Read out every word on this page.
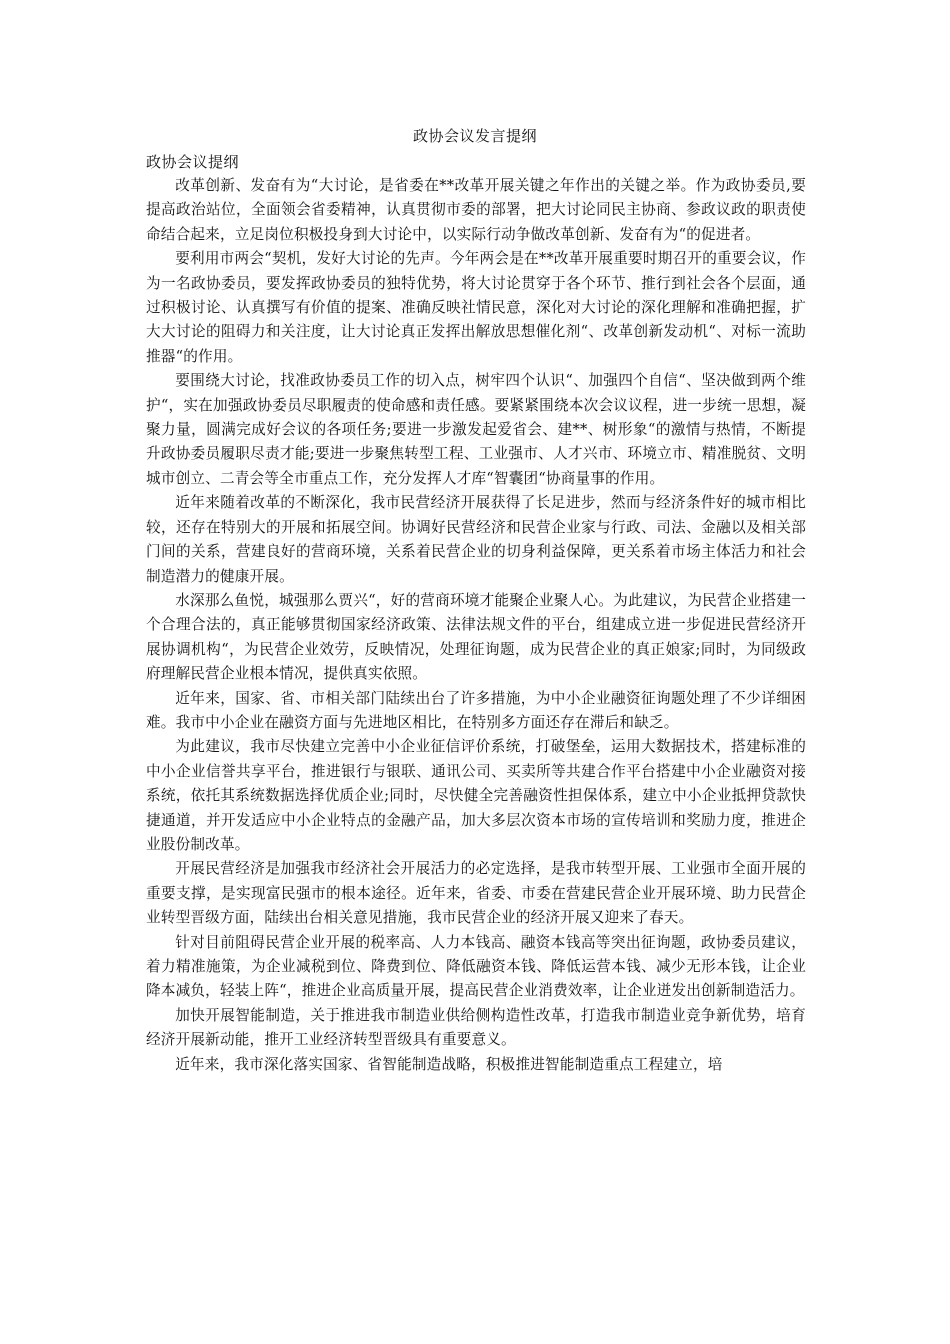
政协会议发言提纲
政协会议提纲

改革创新、发奋有为“大讨论，是省委在**改革开展关键之年作出的关键之举。作为政协委员,要提高政治站位，全面领会省委精神，认真贯彻市委的部署，把大讨论同民主协商、参政议政的职责使命结合起来，立足岗位积极投身到大讨论中，以实际行动争做改革创新、发奋有为“的促进者。

要利用市两会“契机，发好大讨论的先声。今年两会是在**改革开展重要时期召开的重要会议，作为一名政协委员，要发挥政协委员的独特优势，将大讨论贯穿于各个环节、推行到社会各个层面，通过积极讨论、认真撰写有价值的提案、准确反映社情民意，深化对大讨论的深化理解和准确把握，扩大大讨论的阻碍力和关注度，让大讨论真正发挥出解放思想催化剂“、改革创新发动机“、对标一流助推器“的作用。

要围绕大讨论，找准政协委员工作的切入点，树牢四个认识“、加强四个自信“、坚决做到两个维护“，实在加强政协委员尽职履责的使命感和责任感。要紧紧围绕本次会议议程，进一步统一思想，凝聚力量，圆满完成好会议的各项任务;要进一步激发起爱省会、建**、树形象“的激情与热情，不断提升政协委员履职尽责才能;要进一步聚焦转型工程、工业强市、人才兴市、环境立市、精准脱贫、文明城市创立、二青会等全市重点工作，充分发挥人才库“智囊团“协商量事的作用。

近年来随着改革的不断深化，我市民营经济开展获得了长足进步，然而与经济条件好的城市相比较，还存在特别大的开展和拓展空间。协调好民营经济和民营企业家与行政、司法、金融以及相关部门间的关系，营建良好的营商环境，关系着民营企业的切身利益保障，更关系着市场主体活力和社会制造潜力的健康开展。

水深那么鱼悦，城强那么贾兴“，好的营商环境才能聚企业聚人心。为此建议，为民营企业搭建一个合理合法的，真正能够贯彻国家经济政策、法律法规文件的平台，组建成立进一步促进民营经济开展协调机构“，为民营企业效劳，反映情况，处理征询题，成为民营企业的真正娘家;同时，为同级政府理解民营企业根本情况，提供真实依照。

近年来，国家、省、市相关部门陆续出台了许多措施，为中小企业融资征询题处理了不少详细困难。我市中小企业在融资方面与先进地区相比，在特别多方面还存在滞后和缺乏。

为此建议，我市尽快建立完善中小企业征信评价系统，打破堡垒，运用大数据技术，搭建标准的中小企业信誉共享平台，推进银行与银联、通讯公司、买卖所等共建合作平台搭建中小企业融资对接系统，依托其系统数据选择优质企业;同时，尽快健全完善融资性担保体系，建立中小企业抵押贷款快捷通道，并开发适应中小企业特点的金融产品，加大多层次资本市场的宣传培训和奖励力度，推进企业股份制改革。

开展民营经济是加强我市经济社会开展活力的必定选择，是我市转型开展、工业强市全面开展的重要支撑，是实现富民强市的根本途径。近年来，省委、市委在营建民营企业开展环境、助力民营企业转型晋级方面，陆续出台相关意见措施，我市民营企业的经济开展又迎来了春天。

针对目前阻碍民营企业开展的税率高、人力本钱高、融资本钱高等突出征询题，政协委员建议，着力精准施策，为企业减税到位、降费到位、降低融资本钱、降低运营本钱、减少无形本钱，让企业降本减负，轻装上阵“，推进企业高质量开展，提高民营企业消费效率，让企业迸发出创新制造活力。

加快开展智能制造，关于推进我市制造业供给侧构造性改革，打造我市制造业竞争新优势，培育经济开展新动能，推开工业经济转型晋级具有重要意义。

近年来，我市深化落实国家、省智能制造战略，积极推进智能制造重点工程建立，培
